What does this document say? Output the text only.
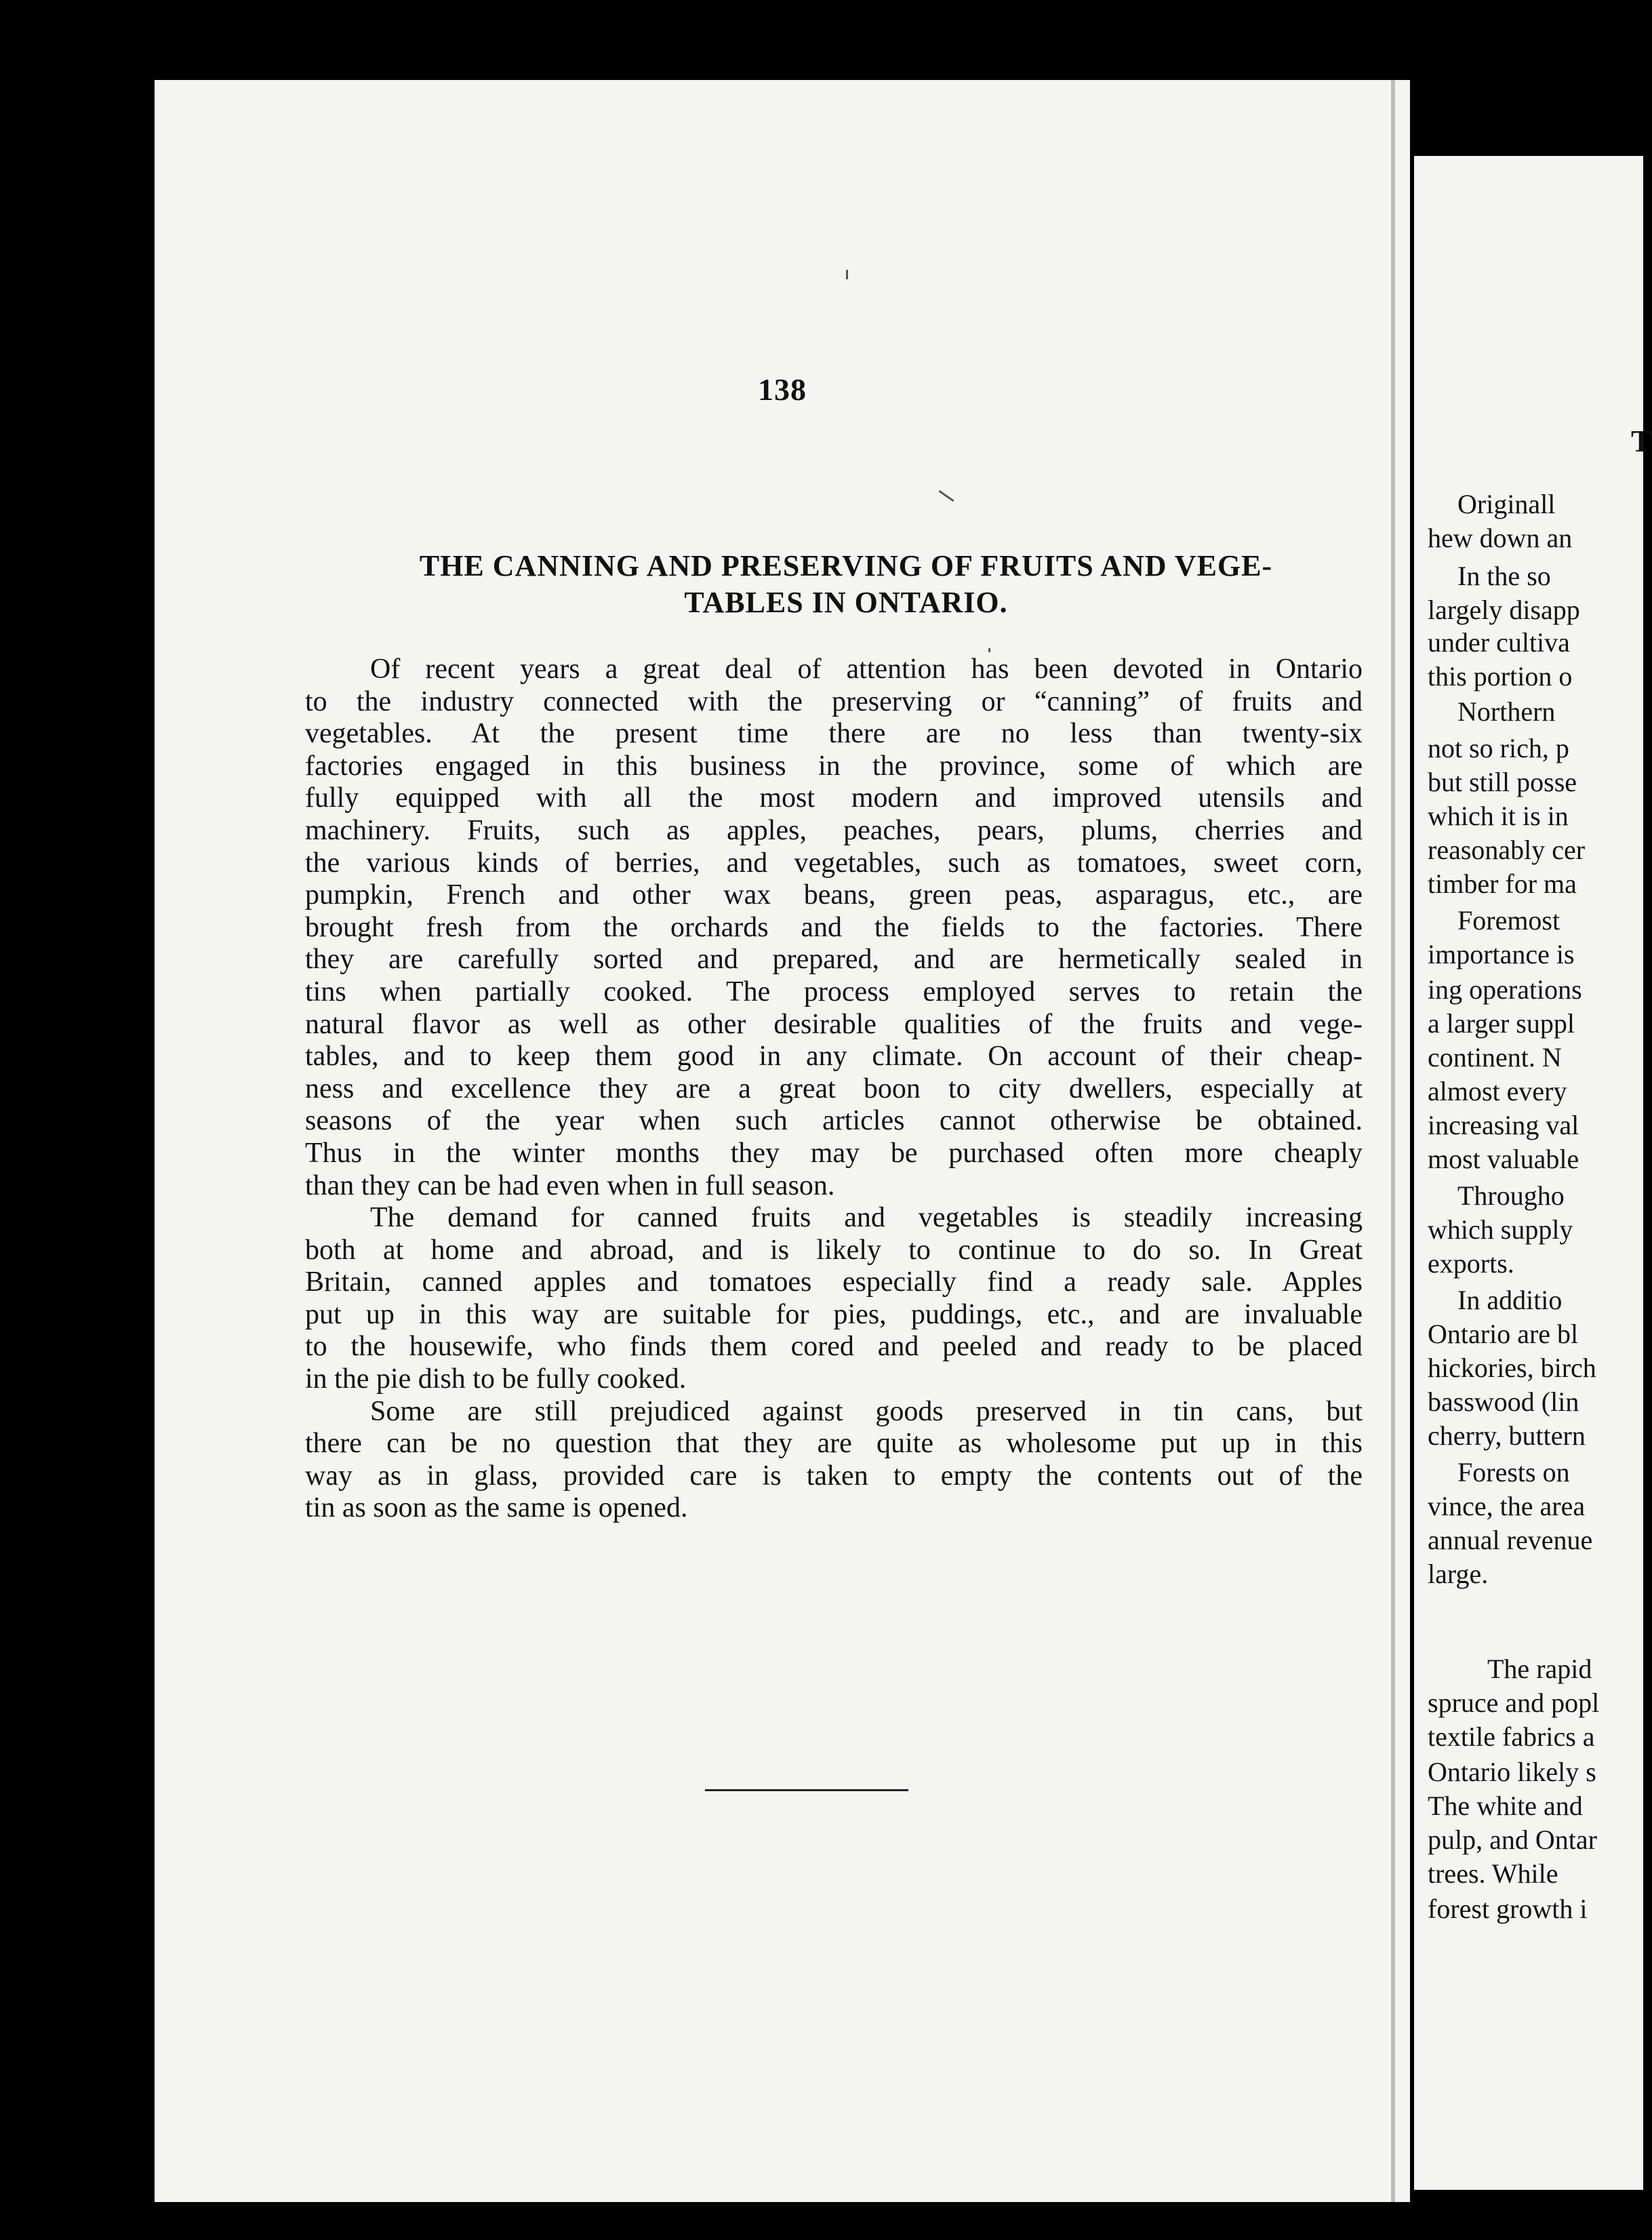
138
THE CANNING AND PRESERVING OF FRUITS AND VEGE-
TABLES IN ONTARIO.

Of recent years a great deal of attention has been devoted in Ontario
to the industry connected with the preserving or “canning” of fruits and
vegetables. At the present time there are no less than twenty-six
factories engaged in this business in the province, some of which are
fully equipped with all the most modern and improved utensils and
machinery. Fruits, such as apples, peaches, pears, plums, cherries and
the various kinds of berries, and vegetables, such as tomatoes, sweet corn,
pumpkin, French and other wax beans, green peas, asparagus, etc., are
brought fresh from the orchards and the fields to the factories. There
they are carefully sorted and prepared, and are hermetically sealed in
tins when partially cooked. The process employed serves to retain the
natural flavor as well as other desirable qualities of the fruits and vege-
tables, and to keep them good in any climate. On account of their cheap-
ness and excellence they are a great boon to city dwellers, especially at
seasons of the year when such articles cannot otherwise be obtained.
Thus in the winter months they may be purchased often more cheaply
than they can be had even when in full season.

The demand for canned fruits and vegetables is steadily increasing
both at home and abroad, and is likely to continue to do so. In Great
Britain, canned apples and tomatoes especially find a ready sale. Apples
put up in this way are suitable for pies, puddings, etc., and are invaluable
to the housewife, who finds them cored and peeled and ready to be placed
in the pie dish to be fully cooked.

Some are still prejudiced against goods preserved in tin cans, but
there can be no question that they are quite as wholesome put up in this
way as in glass, provided care is taken to empty the contents out of the
tin as soon as the same is opened.

T
Originall
hew down an
In the so
largely disapp
under cultiva
this portion o
Northern
not so rich, p
but still posse
which it is in
reasonably cer
timber for ma
Foremost
importance is
ing operations
a larger suppl
continent. N
almost every
increasing val
most valuable
Througho
which supply
exports.
In additio
Ontario are bl
hickories, birch
basswood (lin
cherry, buttern
Forests on
vince, the area
annual revenue
large.
The rapid
spruce and popl
textile fabrics a
Ontario likely s
The white and
pulp, and Ontar
trees. While
forest growth i
